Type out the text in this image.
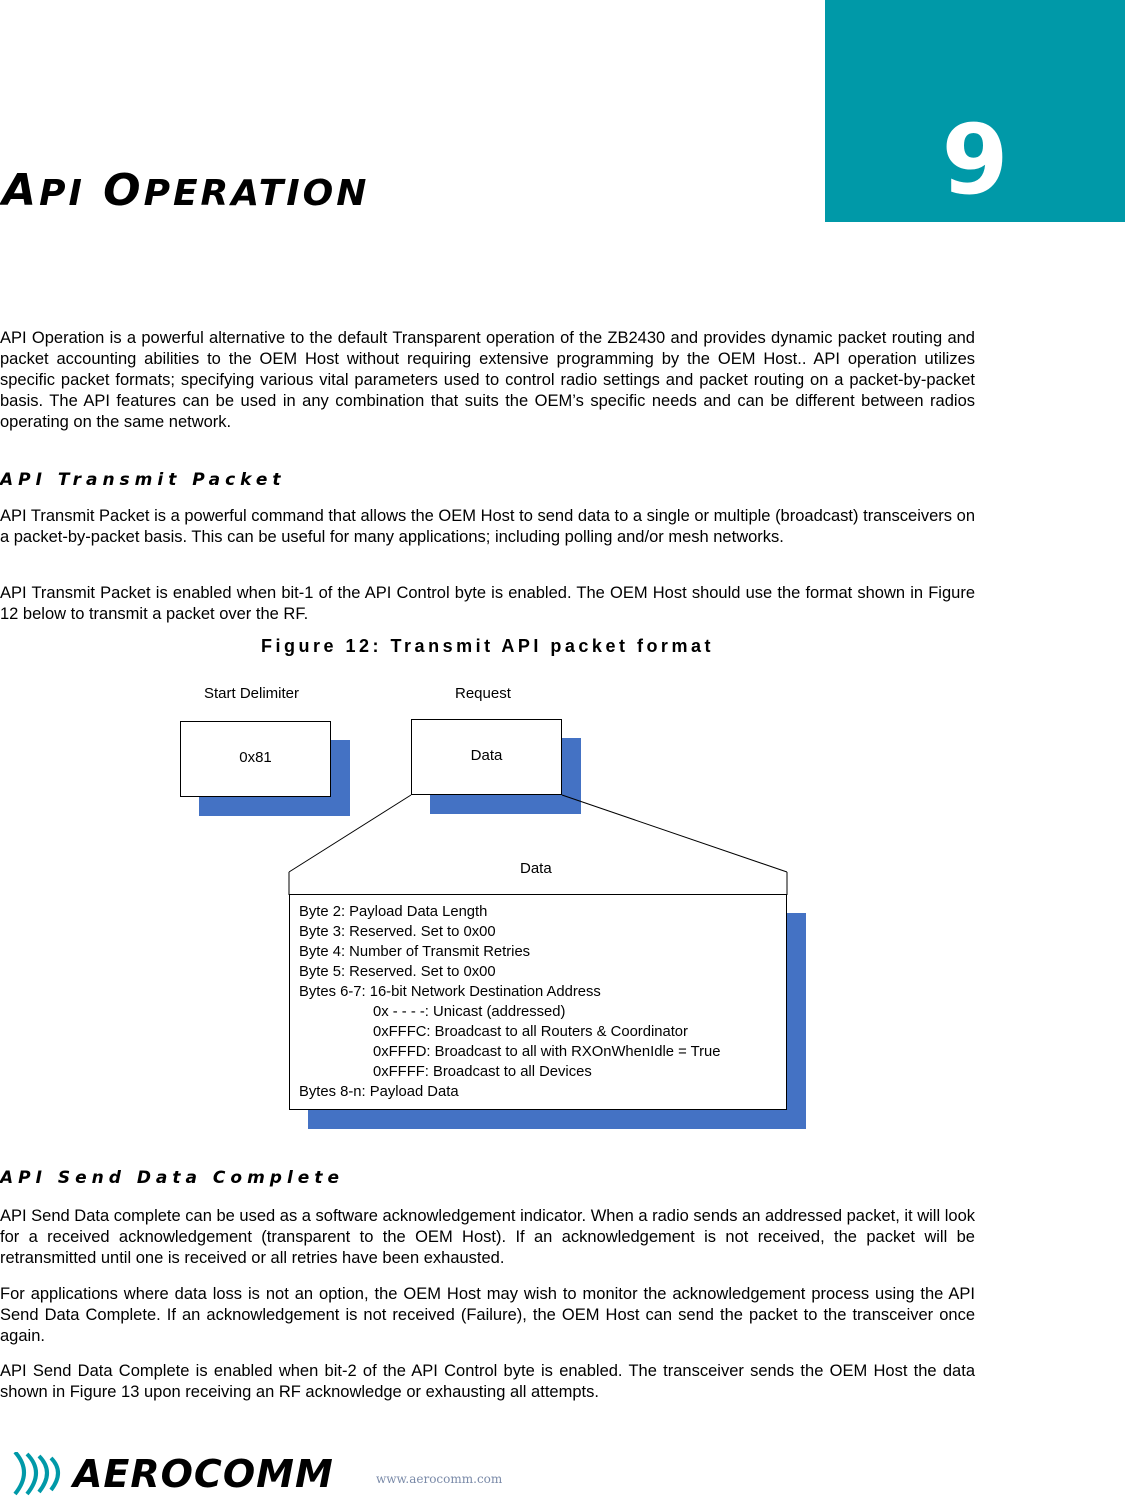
9
API OPERATION

API Operation is a powerful alternative to the default Transparent operation of the ZB2430 and provides dynamic packet routing and packet accounting abilities to the OEM Host without requiring extensive programming by the OEM Host.. API operation utilizes specific packet formats; specifying various vital parameters used to control radio settings and packet routing on a packet-by-packet basis. The API features can be used in any combination that suits the OEM’s specific needs and can be different between radios operating on the same network.

API Transmit Packet

API Transmit Packet is a powerful command that allows the OEM Host to send data to a single or multiple (broadcast) transceivers on a packet-by-packet basis. This can be useful for many applications; including polling and/or mesh networks.

API Transmit Packet is enabled when bit-1 of the API Control byte is enabled. The OEM Host should use the format shown in Figure 12 below to transmit a packet over the RF.

Figure 12: Transmit API packet format
Start Delimiter	Request
0x81	Data
Data
Byte 2: Payload Data Length
Byte 3: Reserved. Set to 0x00
Byte 4: Number of Transmit Retries
Byte 5: Reserved. Set to 0x00
Bytes 6-7: 16-bit Network Destination Address
0x - - - -: Unicast (addressed)
0xFFFC: Broadcast to all Routers & Coordinator
0xFFFD: Broadcast to all with RXOnWhenIdle = True
0xFFFF: Broadcast to all Devices
Bytes 8-n: Payload Data
API Send Data Complete

API Send Data complete can be used as a software acknowledgement indicator. When a radio sends an addressed packet, it will look for a received acknowledgement (transparent to the OEM Host). If an acknowledgement is not received, the packet will be retransmitted until one is received or all retries have been exhausted.

For applications where data loss is not an option, the OEM Host may wish to monitor the acknowledgement process using the API Send Data Complete. If an acknowledgement is not received (Failure), the OEM Host can send the packet to the transceiver once again.

API Send Data Complete is enabled when bit-2 of the API Control byte is enabled. The transceiver sends the OEM Host the data shown in Figure 13 upon receiving an RF acknowledge or exhausting all attempts.

AEROCOMM	www.aerocomm.com
